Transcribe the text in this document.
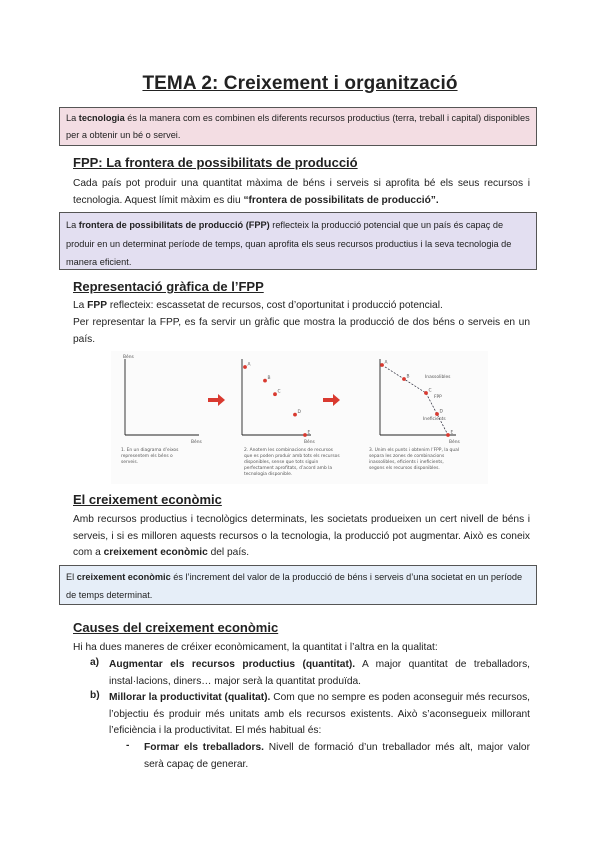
TEMA 2: Creixement i organització
La tecnologia és la manera com es combinen els diferents recursos productius (terra, treball i capital) disponibles per a obtenir un bé o servei.
FPP: La frontera de possibilitats de producció
Cada país pot produir una quantitat màxima de béns i serveis si aprofita bé els seus recursos i tecnologia. Aquest límit màxim es diu “frontera de possibilitats de producció”.
La frontera de possibilitats de producció (FPP) reflecteix la producció potencial que un país és capaç de produir en un determinat període de temps, quan aprofita els seus recursos productius i la seva tecnologia de manera eficient.
Representació gràfica de l’FPP
La FPP reflecteix: escassetat de recursos, cost d’oportunitat i producció potencial.
Per representar la FPP, es fa servir un gràfic que mostra la producció de dos béns o serveis en un país.
Béns
Béns
1. En un diagrama d’eixos
representem els béns o
serveis.
Béns
2. Anotem les combinacions de recursos
que es poden produir amb tots els recursos
disponibles, sense que tots siguin
perfectament aprofitats, d’acord amb la
tecnologia disponible.
A
B
C
D
E
Inassolibles
FPP
Ineficients
Béns
3. Unim els punts i obtenim l’FPP, la qual
separa les zones de combinacions
inassolibles, eficients i ineficients,
segons els recursos disponibles.
A
B
C
D
E
El creixement econòmic
Amb recursos productius i tecnològics determinats, les societats produeixen un cert nivell de béns i serveis, i si es milloren aquests recursos o la tecnologia, la producció pot augmentar. Això es coneix com a creixement econòmic del país.
El creixement econòmic és l’increment del valor de la producció de béns i serveis d’una societat en un període de temps determinat.
Causes del creixement econòmic
Hi ha dues maneres de créixer econòmicament, la quantitat i l’altra en la qualitat:
a) Augmentar els recursos productius (quantitat). A major quantitat de treballadors, instal·lacions, diners… major serà la quantitat produïda.
b) Millorar la productivitat (qualitat). Com que no sempre es poden aconseguir més recursos, l’objectiu és produir més unitats amb els recursos existents. Això s’aconsegueix millorant l’eficiència i la productivitat. El més habitual és:
- Formar els treballadors. Nivell de formació d’un treballador més alt, major valor serà capaç de generar.
